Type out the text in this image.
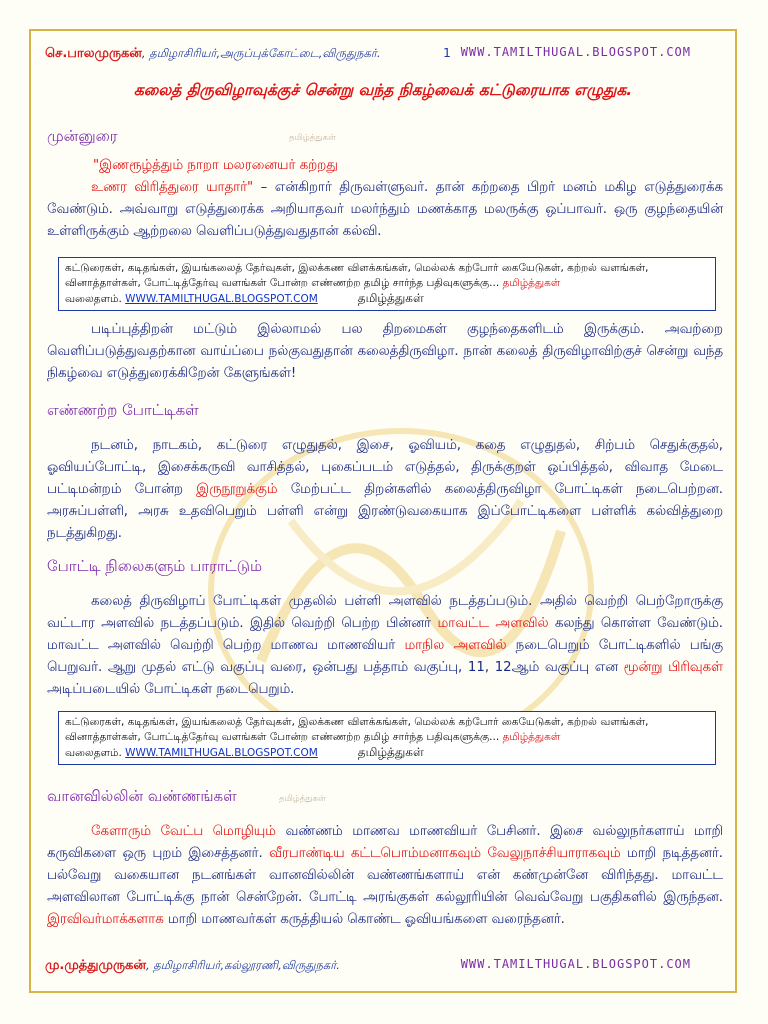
செ.பாலமுருகன், தமிழாசிரியர்,அருப்புக்கோட்டை,விருதுநகர்.	1 WWW.TAMILTHUGAL.BLOGSPOT.COM
கலைத் திருவிழாவுக்குச் சென்று வந்த நிகழ்வைக் கட்டுரையாக எழுதுக.
முன்னுரை	தமிழ்த்துகள்
"இணரூழ்த்தும் நாறா மலரனையர் கற்றது
உணர விரித்துரை யாதார்" – என்கிறார் திருவள்ளுவர். தான் கற்றதை பிறர் மனம் மகிழ எடுத்துரைக்க வேண்டும். அவ்வாறு எடுத்துரைக்க அறியாதவர் மலர்ந்தும் மணக்காத மலருக்கு ஒப்பாவர். ஒரு குழந்தையின் உள்ளிருக்கும் ஆற்றலை வெளிப்படுத்துவதுதான் கல்வி.
கட்டுரைகள், கடிதங்கள், இயங்கலைத் தேர்வுகள், இலக்கண விளக்கங்கள், மெல்லக் கற்போர் கையேடுகள், கற்றல் வளங்கள், வினாத்தாள்கள், போட்டித்தேர்வு வளங்கள் போன்ற எண்ணற்ற தமிழ் சார்ந்த பதிவுகளுக்கு... தமிழ்த்துகள்
வலைதளம். WWW.TAMILTHUGAL.BLOGSPOT.COM	தமிழ்த்துகள்
படிப்புத்திறன் மட்டும் இல்லாமல் பல திறமைகள் குழந்தைகளிடம் இருக்கும். அவற்றை வெளிப்படுத்துவதற்கான வாய்ப்பை நல்குவதுதான் கலைத்திருவிழா. நான் கலைத் திருவிழாவிற்குச் சென்று வந்த நிகழ்வை எடுத்துரைக்கிறேன் கேளுங்கள்!
எண்ணற்ற போட்டிகள்
நடனம், நாடகம், கட்டுரை எழுதுதல், இசை, ஓவியம், கதை எழுதுதல், சிற்பம் செதுக்குதல், ஓவியப்போட்டி, இசைக்கருவி வாசித்தல், புகைப்படம் எடுத்தல், திருக்குறள் ஒப்பித்தல், விவாத மேடை பட்டிமன்றம் போன்ற இருநூறுக்கும் மேற்பட்ட திறன்களில் கலைத்திருவிழா போட்டிகள் நடைபெற்றன. அரசுப்பள்ளி, அரசு உதவிபெறும் பள்ளி என்று இரண்டுவகையாக இப்போட்டிகளை பள்ளிக் கல்வித்துறை நடத்துகிறது.
போட்டி நிலைகளும் பாராட்டும்
கலைத் திருவிழாப் போட்டிகள் முதலில் பள்ளி அளவில் நடத்தப்படும். அதில் வெற்றி பெற்றோருக்கு வட்டார அளவில் நடத்தப்படும். இதில் வெற்றி பெற்ற பின்னர் மாவட்ட அளவில் கலந்து கொள்ள வேண்டும். மாவட்ட அளவில் வெற்றி பெற்ற மாணவ மாணவியர் மாநில அளவில் நடைபெறும் போட்டிகளில் பங்கு பெறுவர். ஆறு முதல் எட்டு வகுப்பு வரை, ஒன்பது பத்தாம் வகுப்பு, 11, 12ஆம் வகுப்பு என மூன்று பிரிவுகள் அடிப்படையில் போட்டிகள் நடைபெறும்.
கட்டுரைகள், கடிதங்கள், இயங்கலைத் தேர்வுகள், இலக்கண விளக்கங்கள், மெல்லக் கற்போர் கையேடுகள், கற்றல் வளங்கள், வினாத்தாள்கள், போட்டித்தேர்வு வளங்கள் போன்ற எண்ணற்ற தமிழ் சார்ந்த பதிவுகளுக்கு... தமிழ்த்துகள்
வலைதளம். WWW.TAMILTHUGAL.BLOGSPOT.COM	தமிழ்த்துகள்
வானவில்லின் வண்ணங்கள்	தமிழ்த்துகள்
கேளாரும் வேட்ப மொழியும் வண்ணம் மாணவ மாணவியர் பேசினர். இசை வல்லுநர்களாய் மாறி கருவிகளை ஒரு புறம் இசைத்தனர். வீரபாண்டிய கட்டபொம்மனாகவும் வேலுநாச்சியாராகவும் மாறி நடித்தனர். பல்வேறு வகையான நடனங்கள் வானவில்லின் வண்ணங்களாய் என் கண்முன்னே விரிந்தது. மாவட்ட அளவிலான போட்டிக்கு நான் சென்றேன். போட்டி அரங்குகள் கல்லூரியின் வெவ்வேறு பகுதிகளில் இருந்தன. இரவிவர்மாக்களாக மாறி மாணவர்கள் கருத்தியல் கொண்ட ஓவியங்களை வரைந்தனர்.
மு.முத்துமுருகன், தமிழாசிரியர்,கல்லூரணி,விருதுநகர்.	WWW.TAMILTHUGAL.BLOGSPOT.COM
